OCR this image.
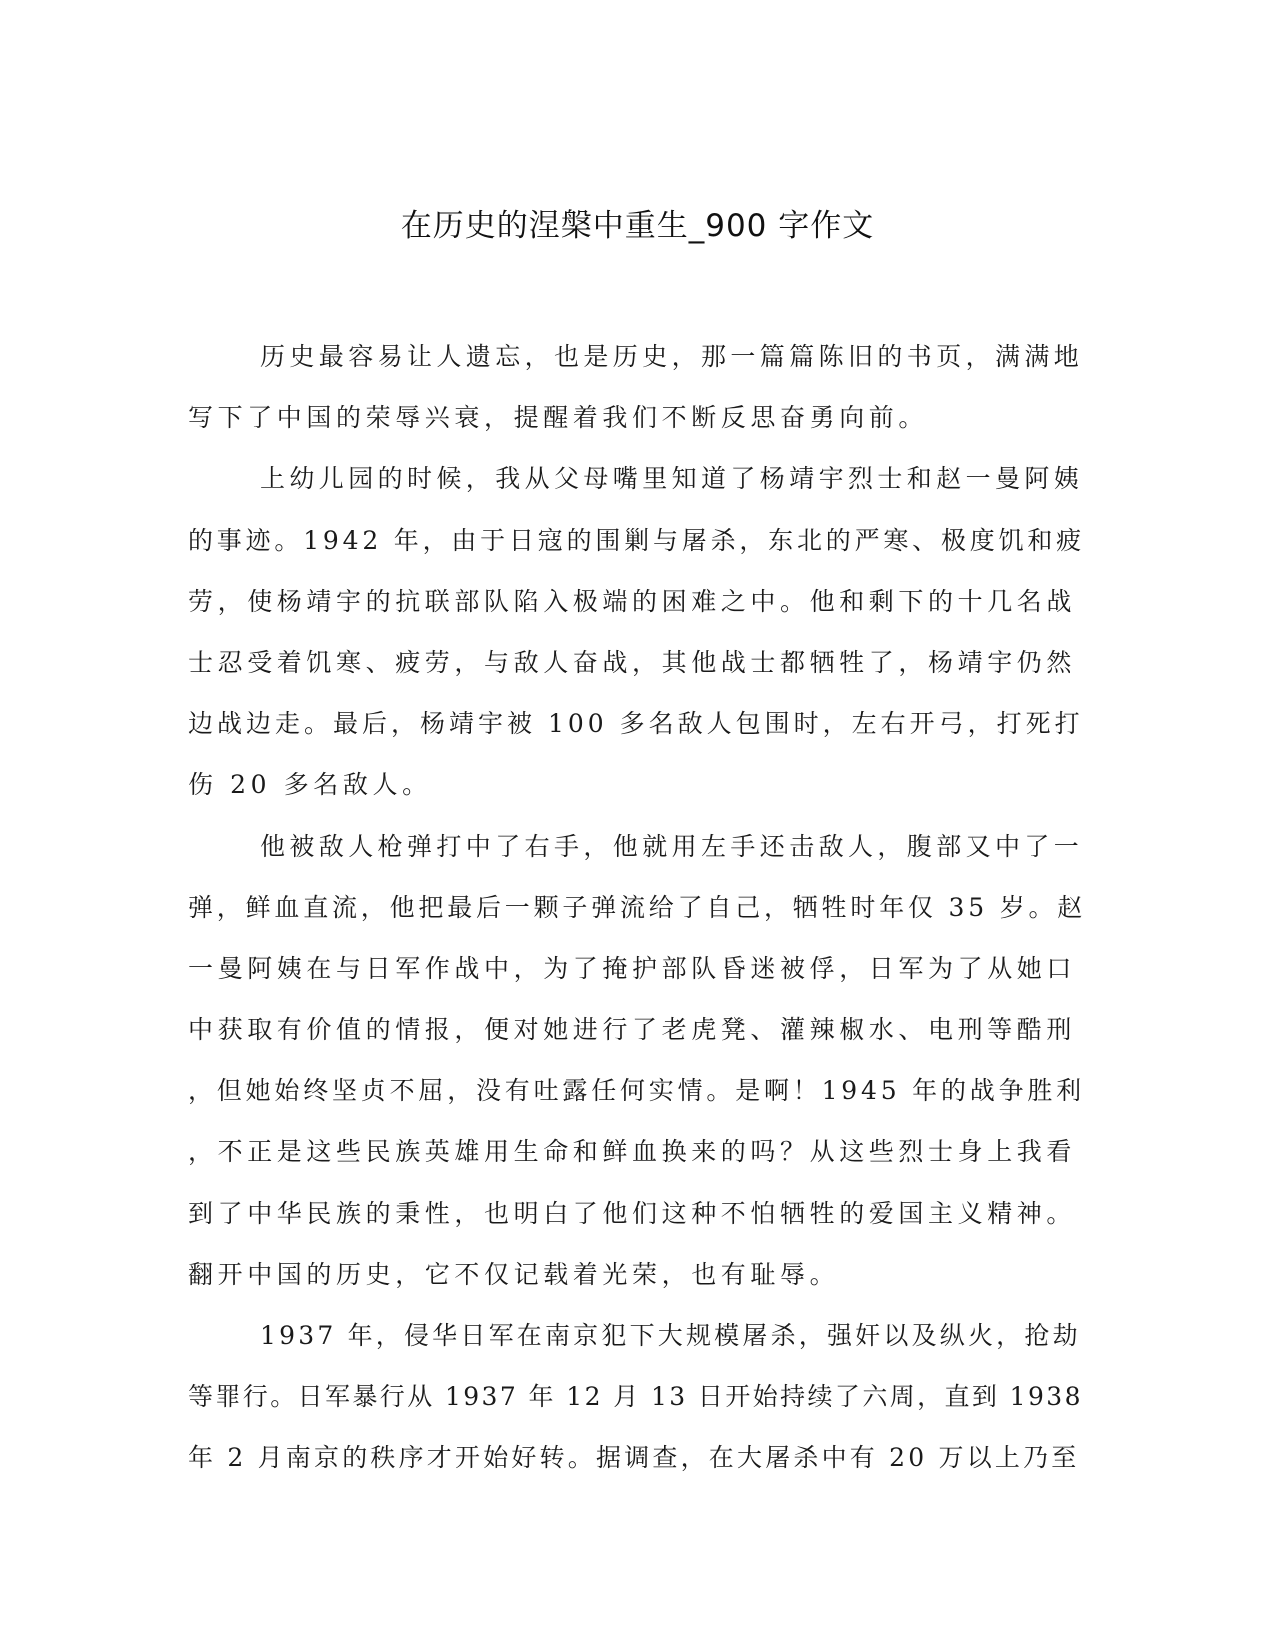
在历史的涅槃中重生_900 字作文
历史最容易让人遗忘，也是历史，那一篇篇陈旧的书页，满满地
写下了中国的荣辱兴衰，提醒着我们不断反思奋勇向前。
上幼儿园的时候，我从父母嘴里知道了杨靖宇烈士和赵一曼阿姨
的事迹。1942 年，由于日寇的围剿与屠杀，东北的严寒、极度饥和疲
劳，使杨靖宇的抗联部队陷入极端的困难之中。他和剩下的十几名战
士忍受着饥寒、疲劳，与敌人奋战，其他战士都牺牲了，杨靖宇仍然
边战边走。最后，杨靖宇被 100 多名敌人包围时，左右开弓，打死打
伤 20 多名敌人。
他被敌人枪弹打中了右手，他就用左手还击敌人，腹部又中了一
弹，鲜血直流，他把最后一颗子弹流给了自己，牺牲时年仅 35 岁。赵
一曼阿姨在与日军作战中，为了掩护部队昏迷被俘，日军为了从她口
中获取有价值的情报，便对她进行了老虎凳、灌辣椒水、电刑等酷刑
，但她始终坚贞不屈，没有吐露任何实情。是啊！1945 年的战争胜利
，不正是这些民族英雄用生命和鲜血换来的吗？从这些烈士身上我看
到了中华民族的秉性，也明白了他们这种不怕牺牲的爱国主义精神。
翻开中国的历史，它不仅记载着光荣，也有耻辱。
1937 年，侵华日军在南京犯下大规模屠杀，强奸以及纵火，抢劫
等罪行。日军暴行从 1937 年 12 月 13 日开始持续了六周，直到 1938
年 2 月南京的秩序才开始好转。据调查，在大屠杀中有 20 万以上乃至
